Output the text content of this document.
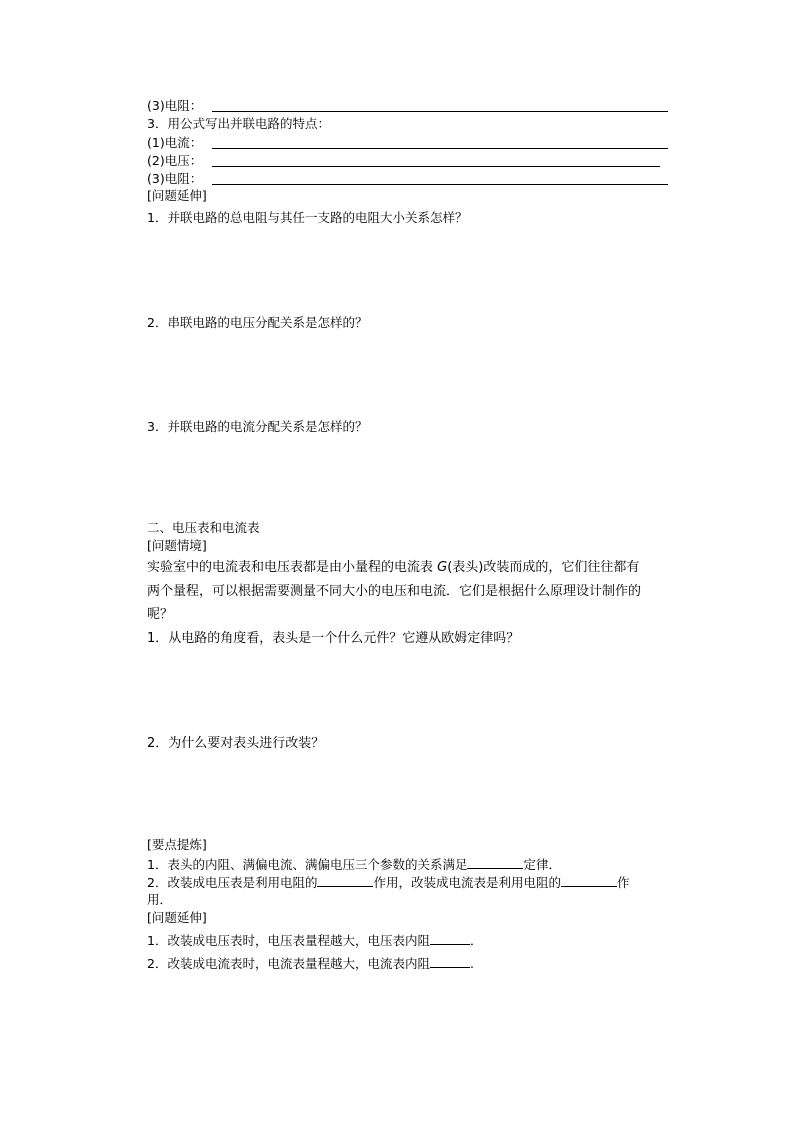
(3)电阻：
3．用公式写出并联电路的特点：
(1)电流：
(2)电压：
(3)电阻：
[问题延伸]
1．并联电路的总电阻与其任一支路的电阻大小关系怎样？
2．串联电路的电压分配关系是怎样的？
3．并联电路的电流分配关系是怎样的？
二、电压表和电流表
[问题情境]
实验室中的电流表和电压表都是由小量程的电流表 G(表头)改装而成的，它们往往都有
两个量程，可以根据需要测量不同大小的电压和电流．它们是根据什么原理设计制作的
呢？
1．从电路的角度看，表头是一个什么元件？它遵从欧姆定律吗？
2．为什么要对表头进行改装？
[要点提炼]
1．表头的内阻、满偏电流、满偏电压三个参数的关系满足	定律．
2．改装成电压表是利用电阻的	作用，改装成电流表是利用电阻的	作
用．
[问题延伸]
1．改装成电压表时，电压表量程越大，电压表内阻	．
2．改装成电流表时，电流表量程越大，电流表内阻	.
